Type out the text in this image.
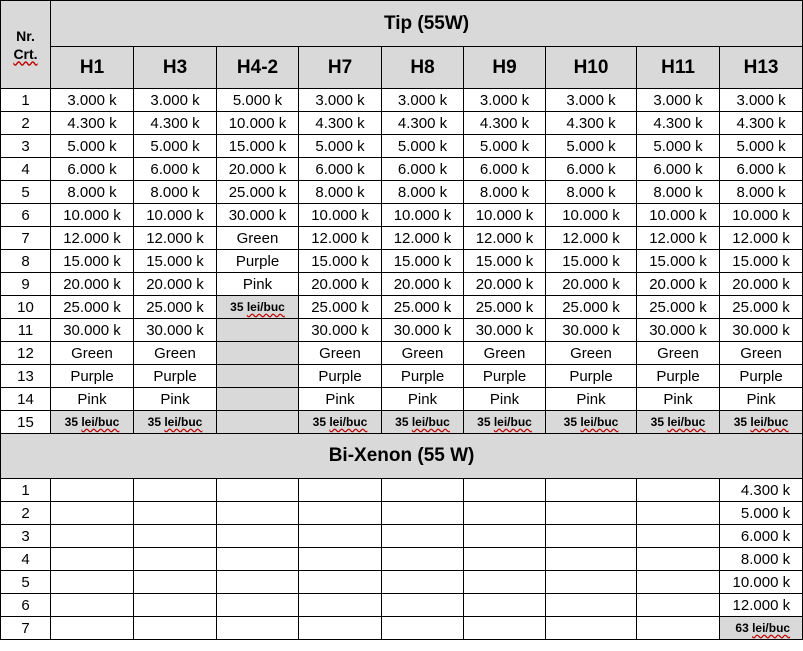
Nr.
Crt.	Tip (55W)								
	H1	H3	H4-2	H7	H8	H9	H10	H11	H13
1	3.000 k	3.000 k	5.000 k	3.000 k	3.000 k	3.000 k	3.000 k	3.000 k	3.000 k
2	4.300 k	4.300 k	10.000 k	4.300 k	4.300 k	4.300 k	4.300 k	4.300 k	4.300 k
3	5.000 k	5.000 k	15.000 k	5.000 k	5.000 k	5.000 k	5.000 k	5.000 k	5.000 k
4	6.000 k	6.000 k	20.000 k	6.000 k	6.000 k	6.000 k	6.000 k	6.000 k	6.000 k
5	8.000 k	8.000 k	25.000 k	8.000 k	8.000 k	8.000 k	8.000 k	8.000 k	8.000 k
6	10.000 k	10.000 k	30.000 k	10.000 k	10.000 k	10.000 k	10.000 k	10.000 k	10.000 k
7	12.000 k	12.000 k	Green	12.000 k	12.000 k	12.000 k	12.000 k	12.000 k	12.000 k
8	15.000 k	15.000 k	Purple	15.000 k	15.000 k	15.000 k	15.000 k	15.000 k	15.000 k
9	20.000 k	20.000 k	Pink	20.000 k	20.000 k	20.000 k	20.000 k	20.000 k	20.000 k
10	25.000 k	25.000 k	35 lei/buc	25.000 k	25.000 k	25.000 k	25.000 k	25.000 k	25.000 k
11	30.000 k	30.000 k		30.000 k	30.000 k	30.000 k	30.000 k	30.000 k	30.000 k
12	Green	Green		Green	Green	Green	Green	Green	Green
13	Purple	Purple		Purple	Purple	Purple	Purple	Purple	Purple
14	Pink	Pink		Pink	Pink	Pink	Pink	Pink	Pink
15	35 lei/buc	35 lei/buc		35 lei/buc	35 lei/buc	35 lei/buc	35 lei/buc	35 lei/buc	35 lei/buc
Bi-Xenon (55 W)									
1									4.300 k
2									5.000 k
3									6.000 k
4									8.000 k
5									10.000 k
6									12.000 k
7									63 lei/buc
